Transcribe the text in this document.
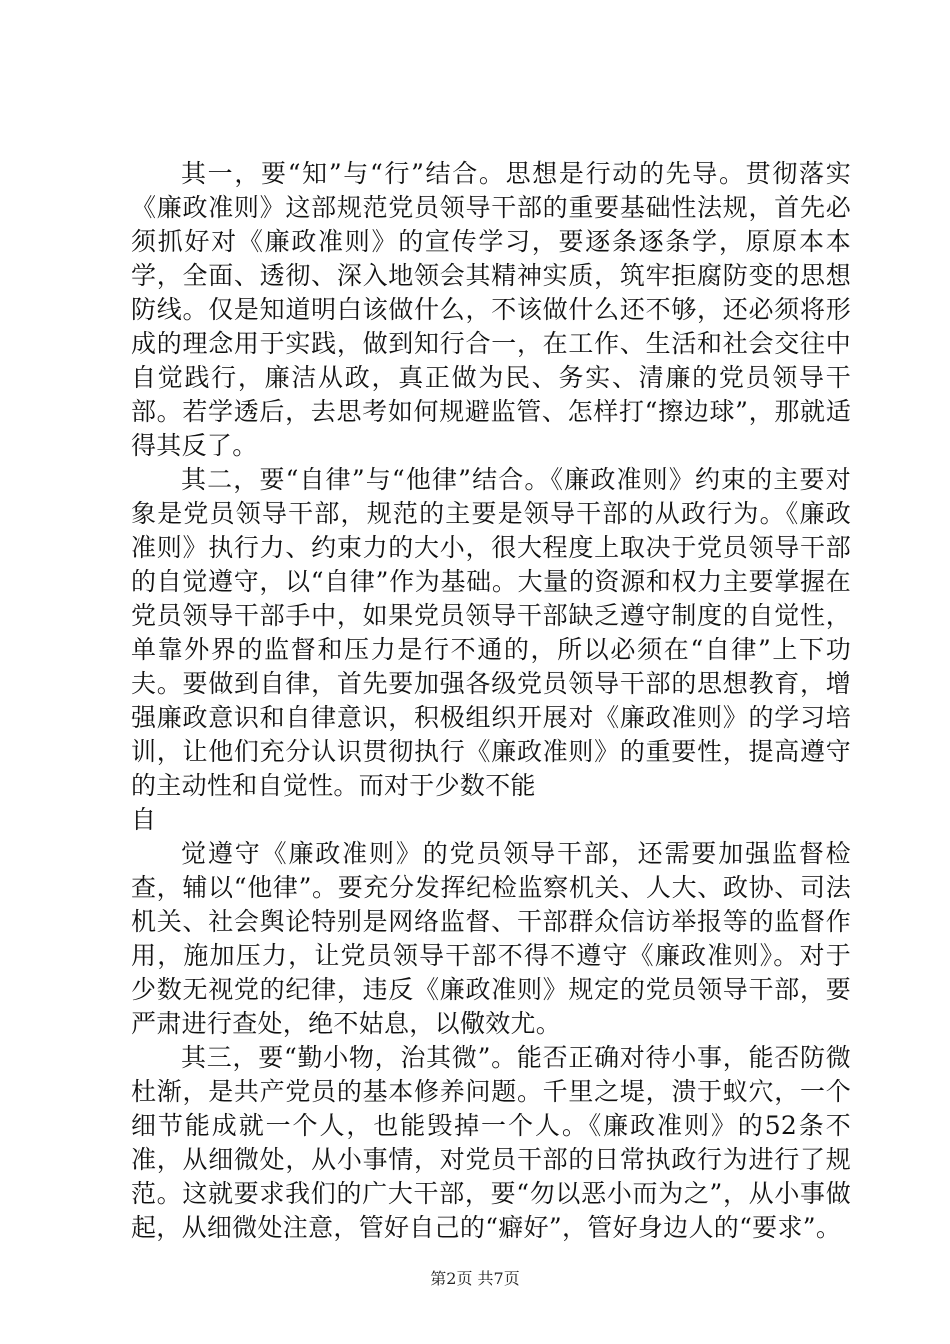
其一，要“知”与“行”结合。思想是行动的先导。贯彻落实《廉政准则》这部规范党员领导干部的重要基础性法规，首先必须抓好对《廉政准则》的宣传学习，要逐条逐条学，原原本本学，全面、透彻、深入地领会其精神实质，筑牢拒腐防变的思想防线。仅是知道明白该做什么，不该做什么还不够，还必须将形成的理念用于实践，做到知行合一，在工作、生活和社会交往中自觉践行，廉洁从政，真正做为民、务实、清廉的党员领导干部。若学透后，去思考如何规避监管、怎样打“擦边球”，那就适得其反了。

其二，要“自律”与“他律”结合。《廉政准则》约束的主要对象是党员领导干部，规范的主要是领导干部的从政行为。《廉政准则》执行力、约束力的大小，很大程度上取决于党员领导干部的自觉遵守，以“自律”作为基础。大量的资源和权力主要掌握在党员领导干部手中，如果党员领导干部缺乏遵守制度的自觉性，单靠外界的监督和压力是行不通的，所以必须在“自律”上下功夫。要做到自律，首先要加强各级党员领导干部的思想教育，增强廉政意识和自律意识，积极组织开展对《廉政准则》的学习培训，让他们充分认识贯彻执行《廉政准则》的重要性，提高遵守的主动性和自觉性。而对于少数不能

自

觉遵守《廉政准则》的党员领导干部，还需要加强监督检查，辅以“他律”。要充分发挥纪检监察机关、人大、政协、司法机关、社会舆论特别是网络监督、干部群众信访举报等的监督作用，施加压力，让党员领导干部不得不遵守《廉政准则》。对于少数无视党的纪律，违反《廉政准则》规定的党员领导干部，要严肃进行查处，绝不姑息，以儆效尤。

其三，要“勤小物，治其微”。能否正确对待小事，能否防微杜渐，是共产党员的基本修养问题。千里之堤，溃于蚁穴，一个细节能成就一个人，也能毁掉一个人。《廉政准则》的52条不准，从细微处，从小事情，对党员干部的日常执政行为进行了规范。这就要求我们的广大干部，要“勿以恶小而为之”，从小事做起，从细微处注意，管好自己的“癖好”，管好身边人的“要求”。

第2页 共7页
